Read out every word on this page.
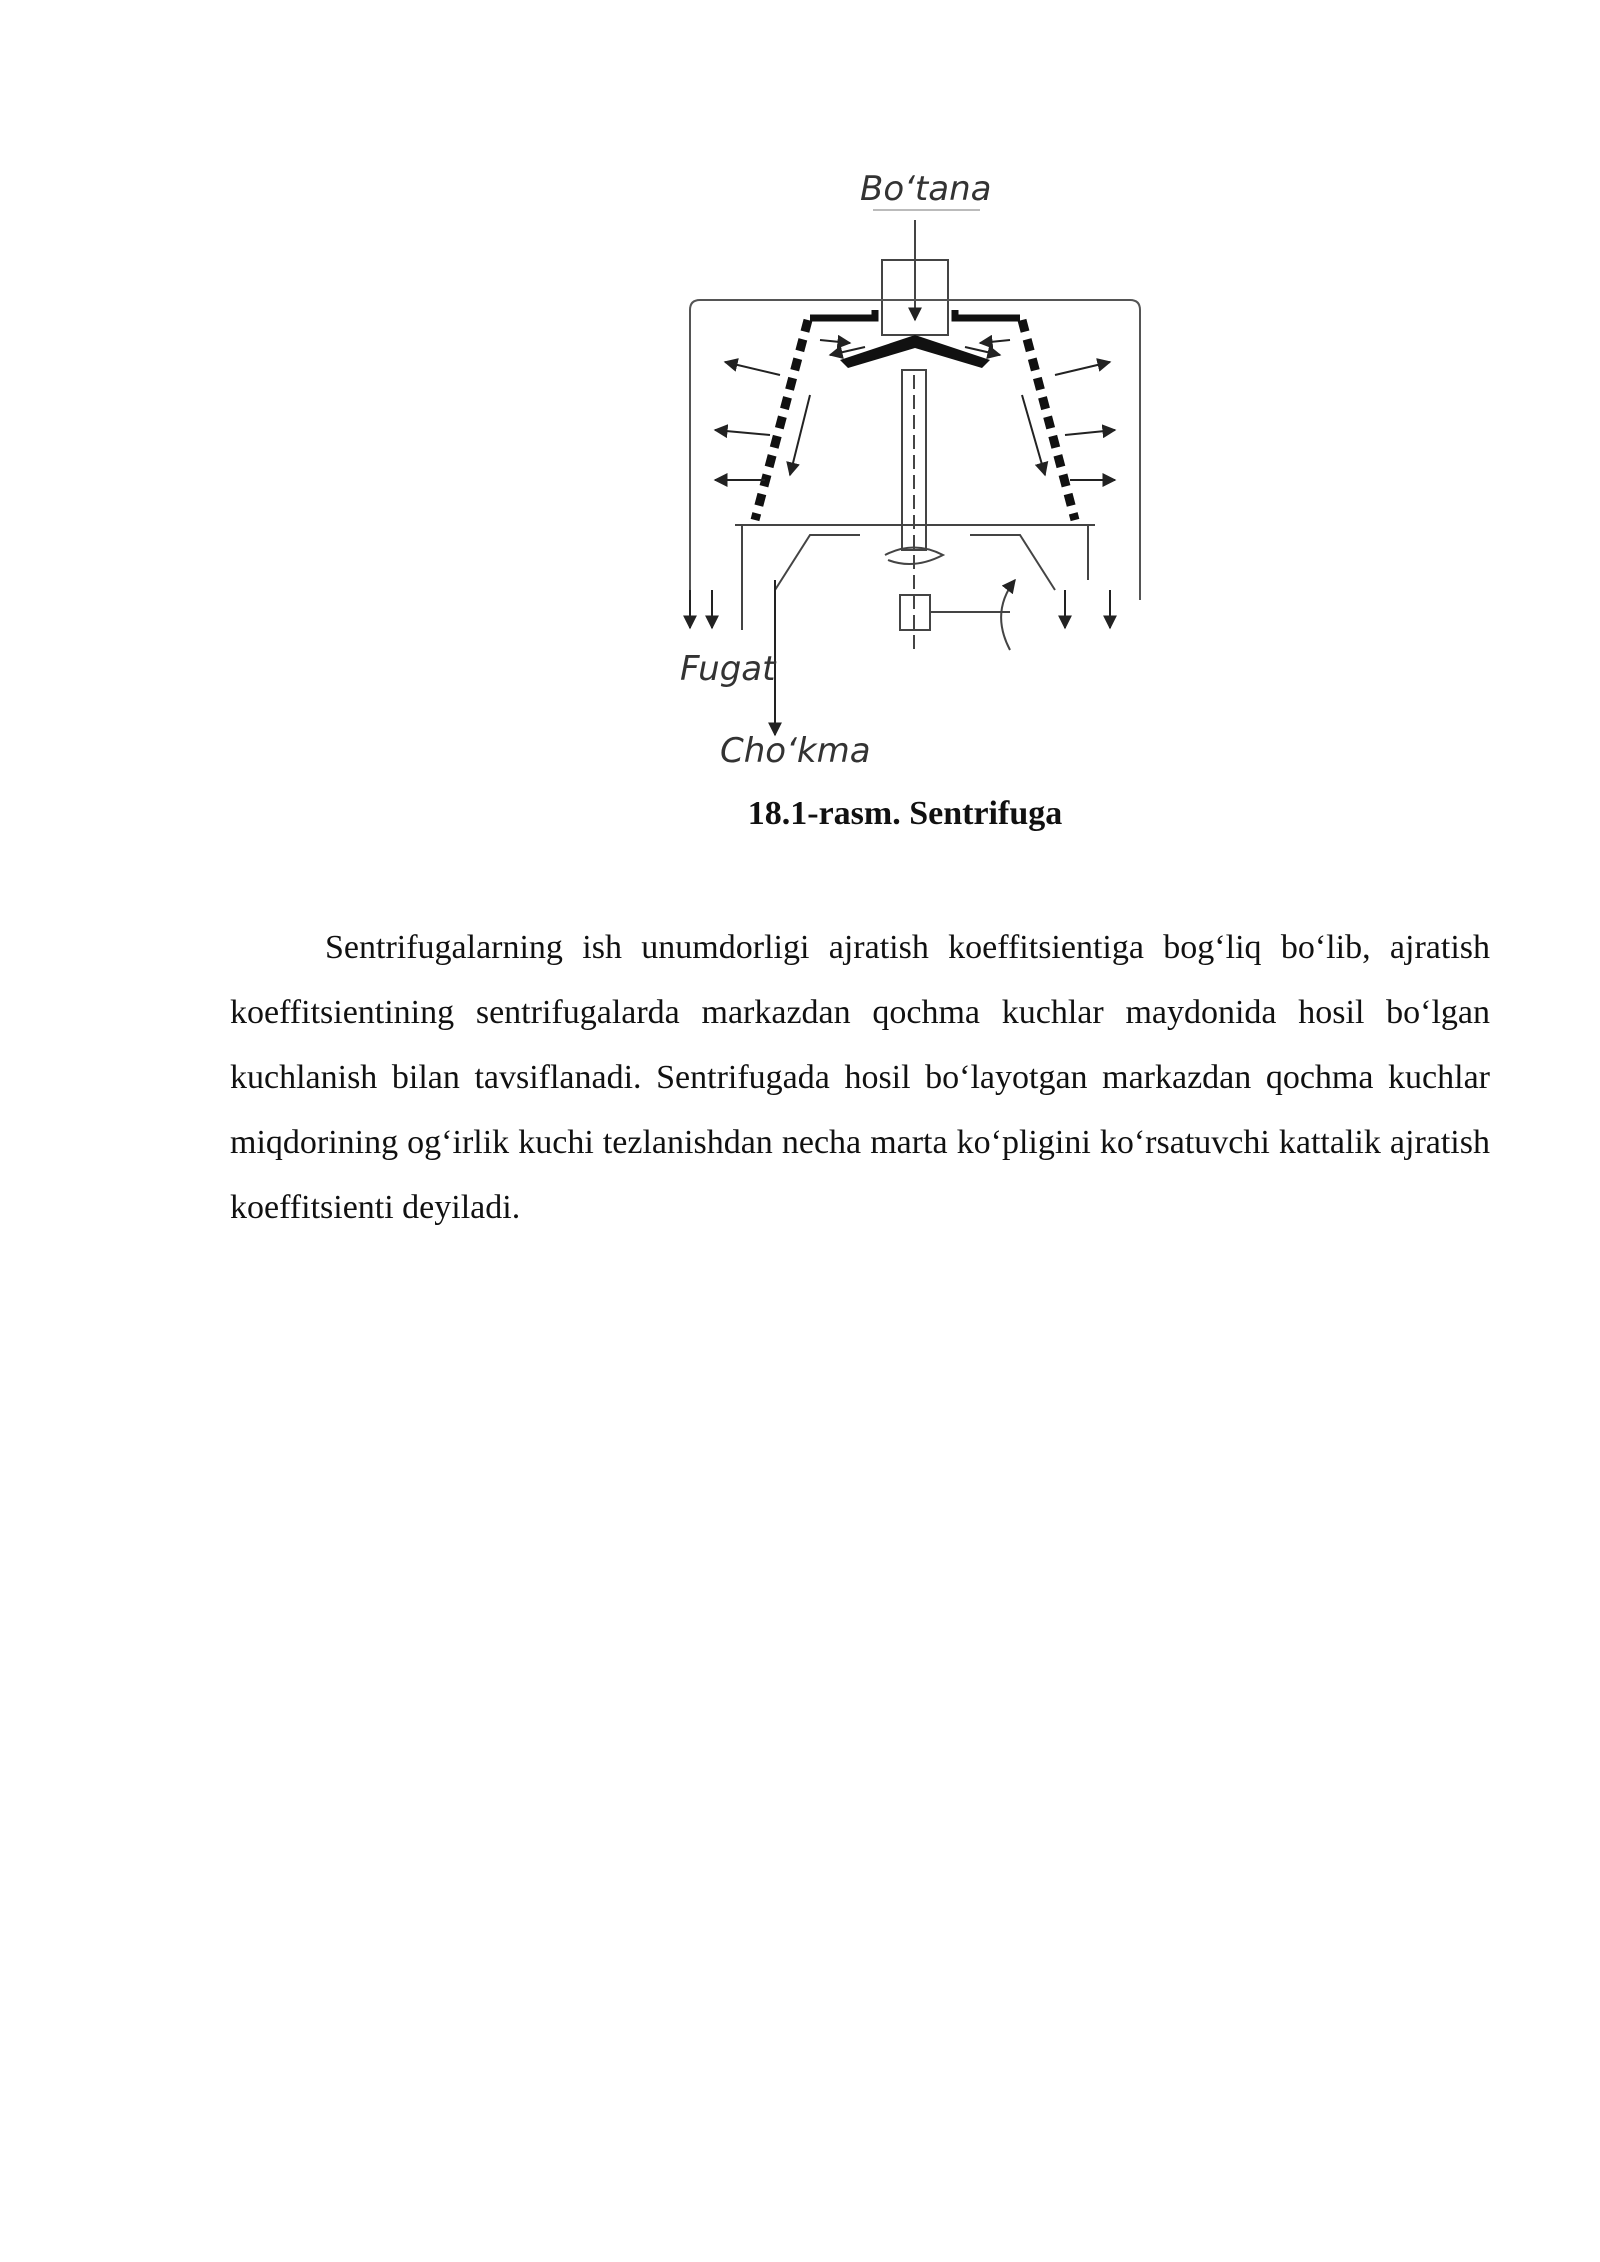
Bo‘tana
Fugat
Cho‘kma
18.1-rasm. Sentrifuga

Sentrifugalarning ish unumdorligi ajratish koeffitsientiga bog‘liq bo‘lib, ajratish koeffitsientining sentrifugalarda markazdan qochma kuchlar maydonida hosil bo‘lgan kuchlanish bilan tavsiflanadi. Sentrifugada hosil bo‘layotgan markazdan qochma kuchlar miqdorining og‘irlik kuchi tezlanishdan necha marta ko‘pligini ko‘rsatuvchi kattalik ajratish koeffitsienti deyiladi.
